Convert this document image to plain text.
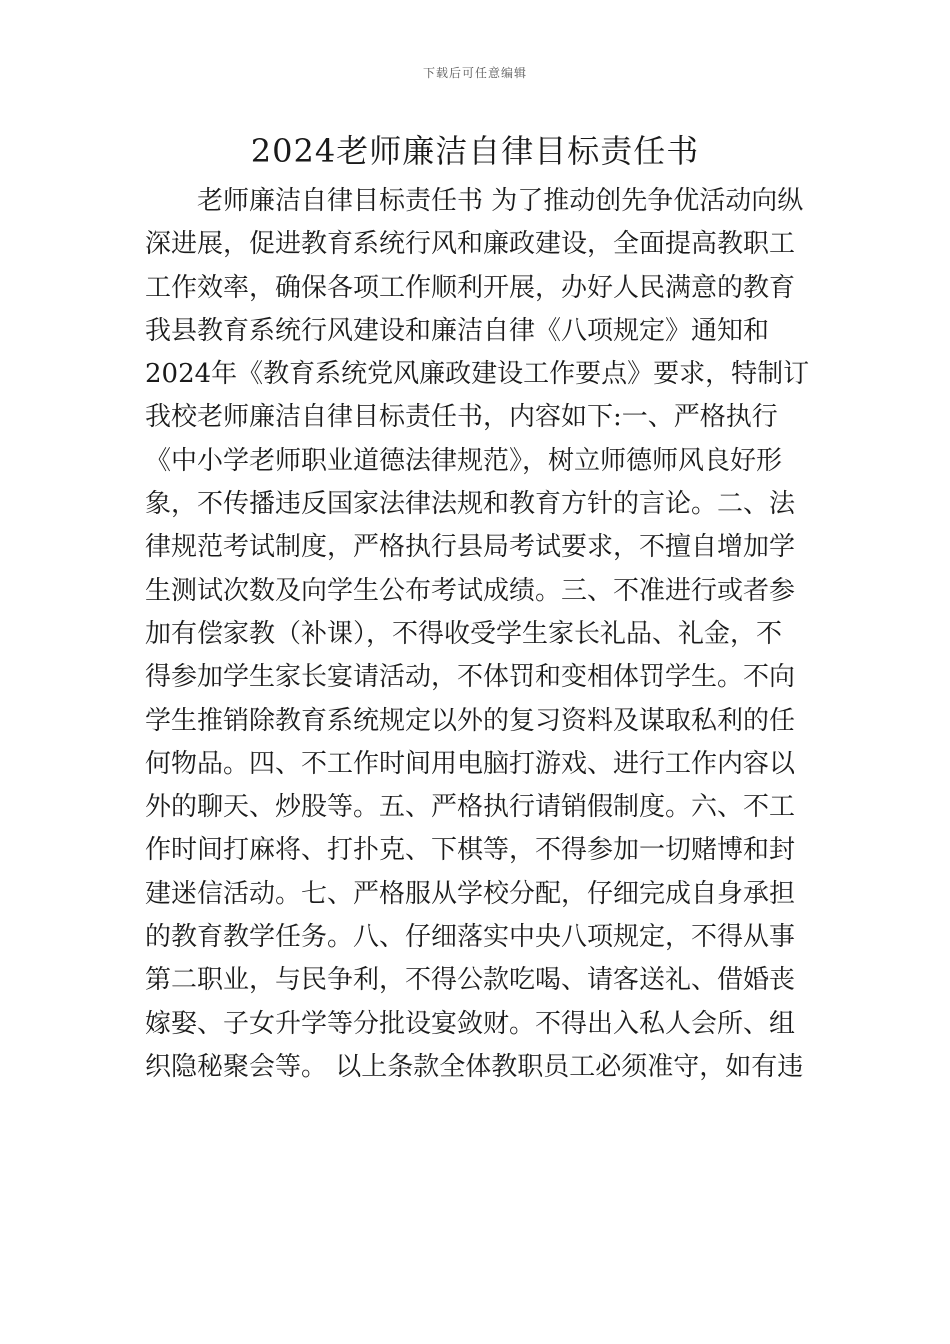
下载后可任意编辑
2024老师廉洁自律目标责任书
　　老师廉洁自律目标责任书 为了推动创先争优活动向纵
深进展，促进教育系统行风和廉政建设，全面提高教职工
工作效率，确保各项工作顺利开展，办好人民满意的教育
我县教育系统行风建设和廉洁自律《八项规定》通知和
2024年《教育系统党风廉政建设工作要点》要求，特制订
我校老师廉洁自律目标责任书，内容如下:一、严格执行
《中小学老师职业道德法律规范》，树立师德师风良好形
象，不传播违反国家法律法规和教育方针的言论。二、法
律规范考试制度，严格执行县局考试要求，不擅自增加学
生测试次数及向学生公布考试成绩。三、不准进行或者参
加有偿家教（补课），不得收受学生家长礼品、礼金，不
得参加学生家长宴请活动，不体罚和变相体罚学生。不向
学生推销除教育系统规定以外的复习资料及谋取私利的任
何物品。四、不工作时间用电脑打游戏、进行工作内容以
外的聊天、炒股等。五、严格执行请销假制度。六、不工
作时间打麻将、打扑克、下棋等，不得参加一切赌博和封
建迷信活动。七、严格服从学校分配，仔细完成自身承担
的教育教学任务。八、仔细落实中央八项规定，不得从事
第二职业，与民争利，不得公款吃喝、请客送礼、借婚丧
嫁娶、子女升学等分批设宴敛财。不得出入私人会所、组
织隐秘聚会等。 以上条款全体教职员工必须准守，如有违
